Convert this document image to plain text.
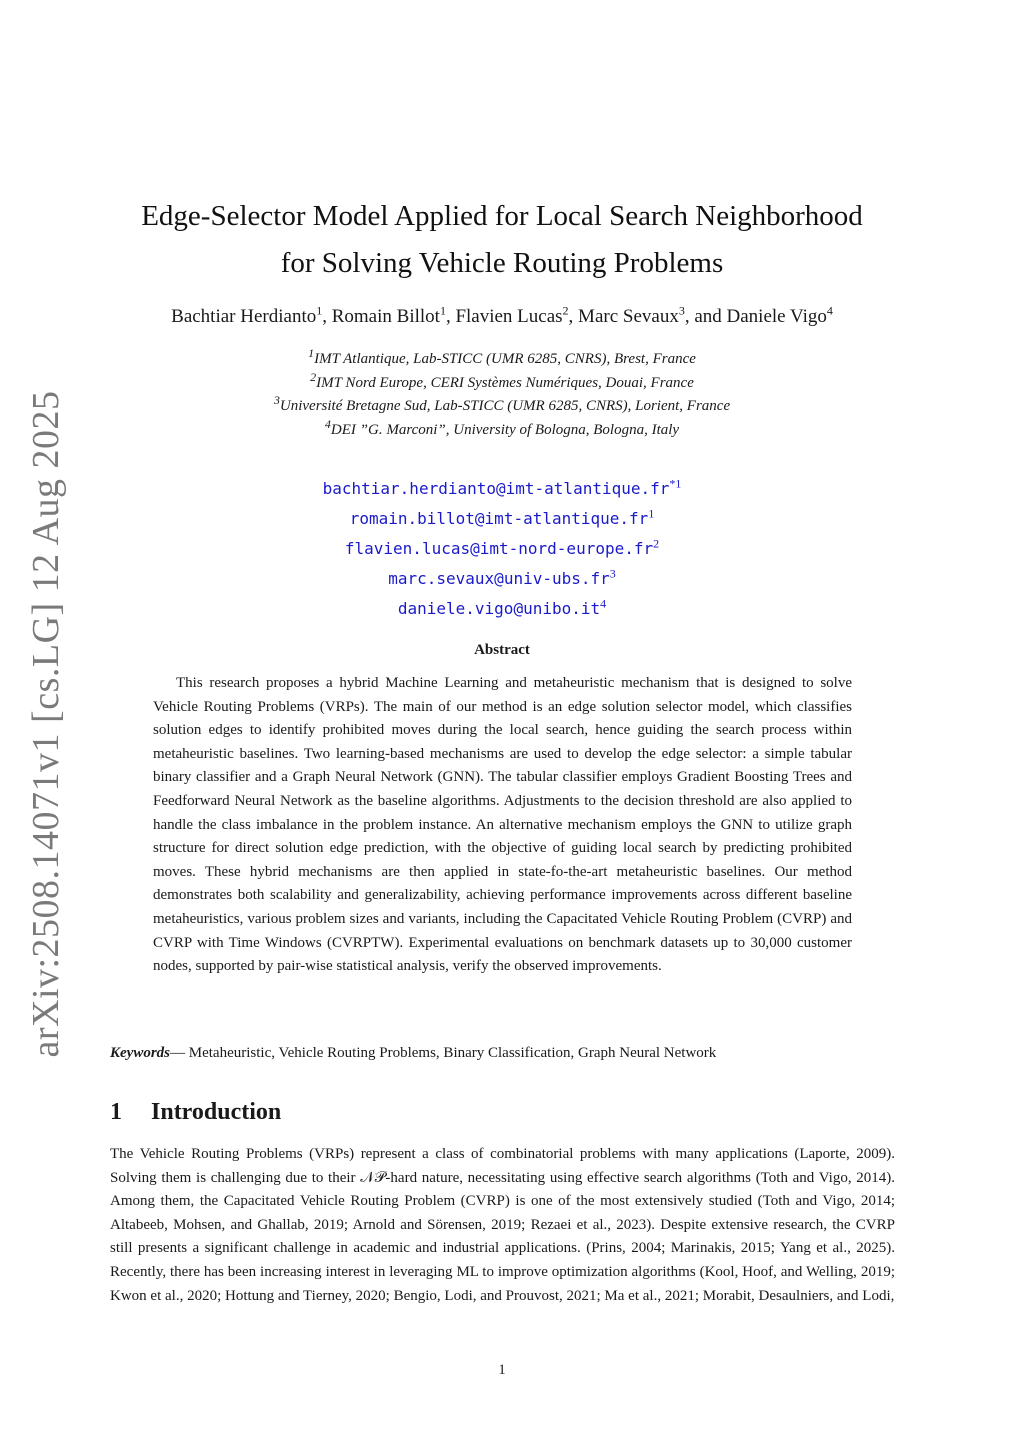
arXiv:2508.14071v1 [cs.LG] 12 Aug 2025
Edge-Selector Model Applied for Local Search Neighborhood
for Solving Vehicle Routing Problems
Bachtiar Herdianto$^1$, Romain Billot$^1$, Flavien Lucas$^2$, Marc Sevaux$^3$, and Daniele Vigo$^4$
$^1$IMT Atlantique, Lab-STICC (UMR 6285, CNRS), Brest, France
$^2$IMT Nord Europe, CERI Systèmes Numériques, Douai, France
$^3$Université Bretagne Sud, Lab-STICC (UMR 6285, CNRS), Lorient, France
$^4$DEI ”G. Marconi”, University of Bologna, Bologna, Italy
$bachtiar.herdianto@imt-atlantique.fr^{*1}$
$romain.billot@imt-atlantique.fr^1$
$flavien.lucas@imt-nord-europe.fr^2$
$marc.sevaux@univ-ubs.fr^3$
$daniele.vigo@unibo.it^4$
Abstract

This research proposes a hybrid Machine Learning and metaheuristic mechanism that is designed to solve Vehicle Routing Problems (VRPs). The main of our method is an edge solution selector model, which classifies solution edges to identify prohibited moves during the local search, hence guiding the search process within metaheuristic baselines. Two learning-based mechanisms are used to develop the edge selector: a simple tabular binary classifier and a Graph Neural Network (GNN). The tabular classifier employs Gradient Boosting Trees and Feedforward Neural Network as the baseline algorithms. Adjustments to the decision threshold are also applied to handle the class imbalance in the problem instance. An alternative mechanism employs the GNN to utilize graph structure for direct solution edge prediction, with the objective of guiding local search by predicting prohibited moves. These hybrid mechanisms are then applied in state-fo-the-art metaheuristic baselines. Our method demonstrates both scalability and generalizability, achieving performance improvements across different baseline metaheuristics, various problem sizes and variants, including the Capacitated Vehicle Routing Problem (CVRP) and CVRP with Time Windows (CVRPTW). Experimental evaluations on benchmark datasets up to 30,000 customer nodes, supported by pair-wise statistical analysis, verify the observed improvements.

Keywords— Metaheuristic, Vehicle Routing Problems, Binary Classification, Graph Neural Network
1 Introduction

The Vehicle Routing Problems (VRPs) represent a class of combinatorial problems with many applications (Laporte, 2009). Solving them is challenging due to their 𝒩𝒫-hard nature, necessitating using effective search algorithms (Toth and Vigo, 2014). Among them, the Capacitated Vehicle Routing Problem (CVRP) is one of the most extensively studied (Toth and Vigo, 2014; Altabeeb, Mohsen, and Ghallab, 2019; Arnold and Sörensen, 2019; Rezaei et al., 2023). Despite extensive research, the CVRP still presents a significant challenge in academic and industrial applications. (Prins, 2004; Marinakis, 2015; Yang et al., 2025). Recently, there has been increasing interest in leveraging ML to improve optimization algorithms (Kool, Hoof, and Welling, 2019; Kwon et al., 2020; Hottung and Tierney, 2020; Bengio, Lodi, and Prouvost, 2021; Ma et al., 2021; Morabit, Desaulniers, and Lodi,

1
